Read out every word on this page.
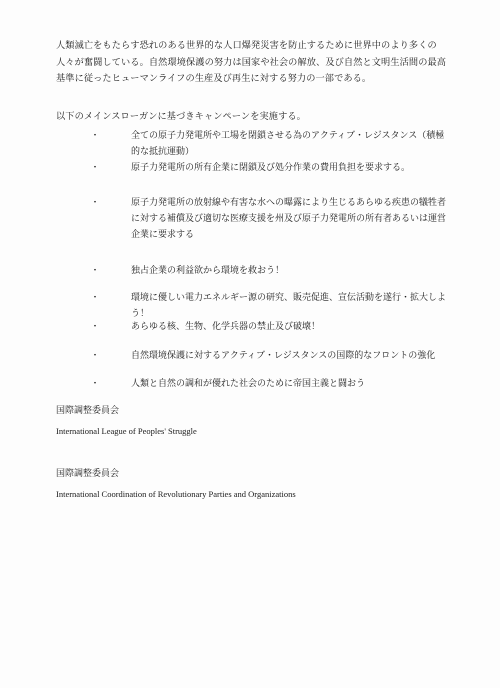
人類滅亡をもたらす恐れのある世界的な人口爆発災害を防止するために世界中のより多くの人々が奮闘している。自然環境保護の努力は国家や社会の解放、及び自然と文明生活間の最高基準に従ったヒューマンライフの生産及び再生に対する努力の一部である。
以下のメインスローガンに基づきキャンペーンを実施する。
・	全ての原子力発電所や工場を閉鎖させる為のアクティブ・レジスタンス（積極的な抵抗運動）
・	原子力発電所の所有企業に閉鎖及び処分作業の費用負担を要求する。
・	原子力発電所の放射線や有害な水への曝露により生じるあらゆる疾患の犠牲者に対する補償及び適切な医療支援を州及び原子力発電所の所有者あるいは運営企業に要求する
・	独占企業の利益欲から環境を救おう！
・	環境に優しい電力エネルギー源の研究、販売促進、宣伝活動を遂行・拡大しよう！
・	あらゆる核、生物、化学兵器の禁止及び破壊！
・	自然環境保護に対するアクティブ・レジスタンスの国際的なフロントの強化
・	人類と自然の調和が優れた社会のために帝国主義と闘おう
国際調整委員会
International League of Peoples' Struggle
国際調整委員会
International Coordination of Revolutionary Parties and Organizations
